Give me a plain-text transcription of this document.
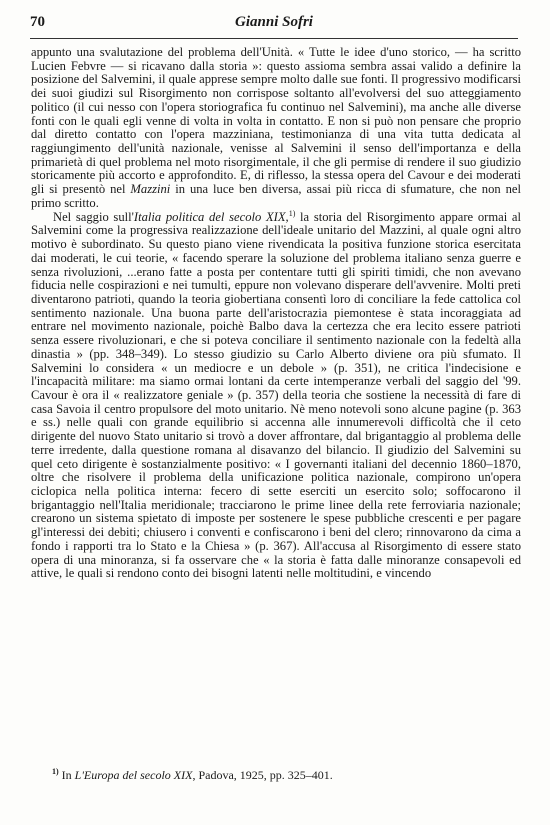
70	Gianni Sofri

appunto una svalutazione del problema dell'Unità. « Tutte le idee d'uno storico, — ha scritto Lucien Febvre — si ricavano dalla storia »: questo assioma sembra assai valido a definire la posizione del Salvemini, il quale apprese sempre molto dalle sue fonti. Il progressivo modificarsi dei suoi giudizi sul Risorgimento non corrispose soltanto all'evolversi del suo atteggiamento politico (il cui nesso con l'opera storiografica fu continuo nel Salvemini), ma anche alle diverse fonti con le quali egli venne di volta in volta in contatto. E non si può non pensare che proprio dal diretto contatto con l'opera mazziniana, testimonianza di una vita tutta dedicata al raggiungimento dell'unità nazionale, venisse al Salvemini il senso dell'importanza e della primarietà di quel problema nel moto risorgimentale, il che gli permise di rendere il suo giudizio storicamente più accorto e approfondito. E, di riflesso, la stessa opera del Cavour e dei moderati gli si presentò nel Mazzini in una luce ben diversa, assai più ricca di sfumature, che non nel primo scritto.

Nel saggio sull'Italia politica del secolo XIX,$^{1)}$ la storia del Risorgimento appare ormai al Salvemini come la progressiva realizzazione dell'ideale unitario del Mazzini, al quale ogni altro motivo è subordinato. Su questo piano viene rivendicata la positiva funzione storica esercitata dai moderati, le cui teorie, « facendo sperare la soluzione del problema italiano senza guerre e senza rivoluzioni, ...erano fatte a posta per contentare tutti gli spiriti timidi, che non avevano fiducia nelle cospirazioni e nei tumulti, eppure non volevano disperare dell'avvenire. Molti preti diventarono patrioti, quando la teoria giobertiana consentì loro di conciliare la fede cattolica col sentimento nazionale. Una buona parte dell'aristocrazia piemontese è stata incoraggiata ad entrare nel movimento nazionale, poichè Balbo dava la certezza che era lecito essere patrioti senza essere rivoluzionari, e che si poteva conciliare il sentimento nazionale con la fedeltà alla dinastia » (pp. 348–349). Lo stesso giudizio su Carlo Alberto diviene ora più sfumato. Il Salvemini lo considera « un mediocre e un debole » (p. 351), ne critica l'indecisione e l'incapacità militare: ma siamo ormai lontani da certe intemperanze verbali del saggio del '99. Cavour è ora il « realizzatore geniale » (p. 357) della teoria che sostiene la necessità di fare di casa Savoia il centro propulsore del moto unitario. Nè meno notevoli sono alcune pagine (p. 363 e ss.) nelle quali con grande equilibrio si accenna alle innumerevoli difficoltà che il ceto dirigente del nuovo Stato unitario si trovò a dover affrontare, dal brigantaggio al problema delle terre irredente, dalla questione romana al disavanzo del bilancio. Il giudizio del Salvemini su quel ceto dirigente è sostanzialmente positivo: « I governanti italiani del decennio 1860–1870, oltre che risolvere il problema della unificazione politica nazionale, compirono un'opera ciclopica nella politica interna: fecero di sette eserciti un esercito solo; soffocarono il brigantaggio nell'Italia meridionale; tracciarono le prime linee della rete ferroviaria nazionale; crearono un sistema spietato di imposte per sostenere le spese pubbliche crescenti e per pagare gl'interessi dei debiti; chiusero i conventi e confiscarono i beni del clero; rinnovarono da cima a fondo i rapporti tra lo Stato e la Chiesa » (p. 367). All'accusa al Risorgimento di essere stato opera di una minoranza, si fa osservare che « la storia è fatta dalle minoranze consapevoli ed attive, le quali si rendono conto dei bisogni latenti nelle moltitudini, e vincendo

$^{1)}$ In L'Europa del secolo XIX, Padova, 1925, pp. 325–401.
